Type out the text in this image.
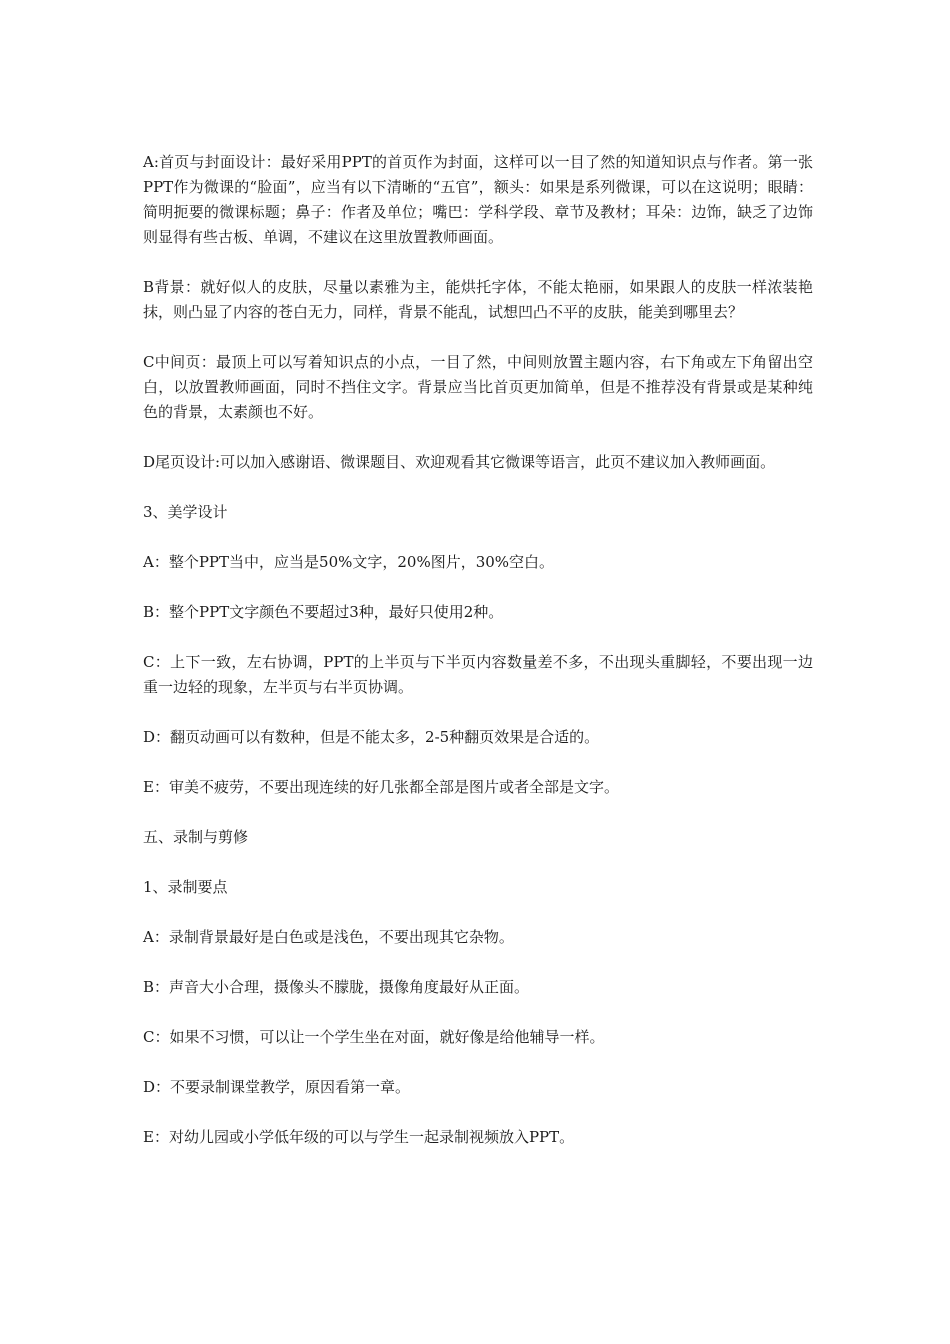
A:首页与封面设计：最好采用PPT的首页作为封面，这样可以一目了然的知道知识点与作者。第一张PPT作为微课的“脸面”，应当有以下清晰的“五官”，额头：如果是系列微课，可以在这说明；眼睛：简明扼要的微课标题；鼻子：作者及单位；嘴巴：学科学段、章节及教材；耳朵：边饰，缺乏了边饰则显得有些古板、单调，不建议在这里放置教师画面。

B背景：就好似人的皮肤，尽量以素雅为主，能烘托字体，不能太艳丽，如果跟人的皮肤一样浓装艳抹，则凸显了内容的苍白无力，同样，背景不能乱，试想凹凸不平的皮肤，能美到哪里去？

C中间页：最顶上可以写着知识点的小点，一目了然，中间则放置主题内容，右下角或左下角留出空白，以放置教师画面，同时不挡住文字。背景应当比首页更加简单，但是不推荐没有背景或是某种纯色的背景，太素颜也不好。

D尾页设计:可以加入感谢语、微课题目、欢迎观看其它微课等语言，此页不建议加入教师画面。

3、美学设计

A：整个PPT当中，应当是50%文字，20%图片，30%空白。

B：整个PPT文字颜色不要超过3种，最好只使用2种。

C：上下一致，左右协调，PPT的上半页与下半页内容数量差不多，不出现头重脚轻，不要出现一边重一边轻的现象，左半页与右半页协调。

D：翻页动画可以有数种，但是不能太多，2-5种翻页效果是合适的。

E：审美不疲劳，不要出现连续的好几张都全部是图片或者全部是文字。

五、录制与剪修

1、录制要点

A：录制背景最好是白色或是浅色，不要出现其它杂物。

B：声音大小合理，摄像头不朦胧，摄像角度最好从正面。

C：如果不习惯，可以让一个学生坐在对面，就好像是给他辅导一样。

D：不要录制课堂教学，原因看第一章。

E：对幼儿园或小学低年级的可以与学生一起录制视频放入PPT。
